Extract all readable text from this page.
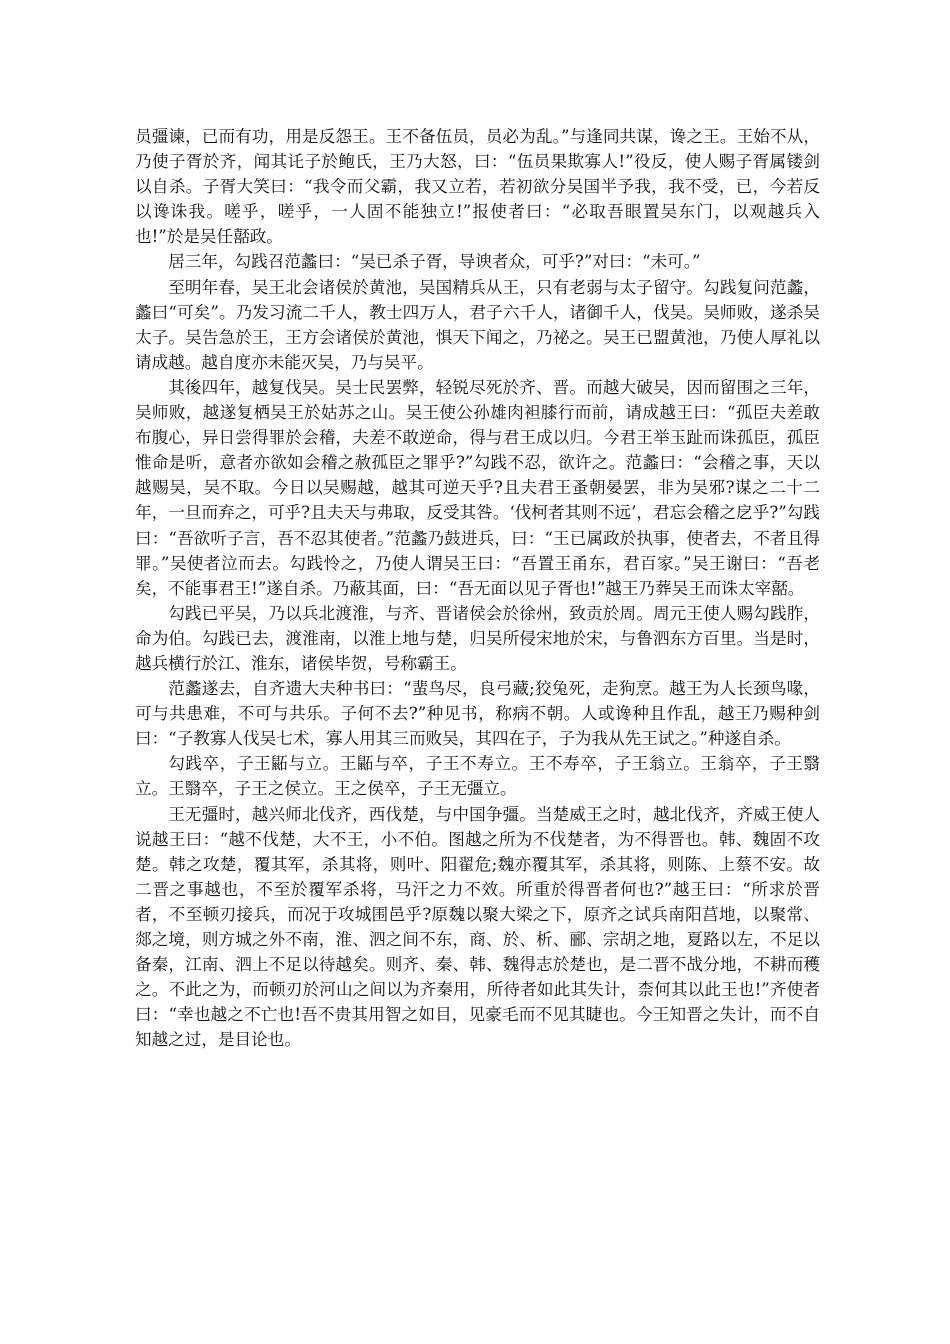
员彊谏，已而有功，用是反怨王。王不备伍员，员必为乱。”与逢同共谋，谗之王。王始不从，乃使子胥於齐，闻其讬子於鲍氏，王乃大怒，曰：“伍员果欺寡人!”役反，使人赐子胥属镂剑以自杀。子胥大笑曰：“我令而父霸，我又立若，若初欲分吴国半予我，我不受，已，今若反以谗诛我。嗟乎，嗟乎，一人固不能独立!”报使者曰：“必取吾眼置吴东门，以观越兵入也!”於是吴任嚭政。

居三年，勾践召范蠡曰：“吴已杀子胥，导谀者众，可乎?”对曰：“未可。”

至明年春，吴王北会诸侯於黄池，吴国精兵从王，只有老弱与太子留守。勾践复问范蠡，蠡曰“可矣”。乃发习流二千人，教士四万人，君子六千人，诸御千人，伐吴。吴师败，遂杀吴太子。吴告急於王，王方会诸侯於黄池，惧天下闻之，乃祕之。吴王已盟黄池，乃使人厚礼以请成越。越自度亦未能灭吴，乃与吴平。

其後四年，越复伐吴。吴士民罢弊，轻锐尽死於齐、晋。而越大破吴，因而留围之三年，吴师败，越遂复栖吴王於姑苏之山。吴王使公孙雄肉袒膝行而前，请成越王曰：“孤臣夫差敢布腹心，异日尝得罪於会稽，夫差不敢逆命，得与君王成以归。今君王举玉趾而诛孤臣，孤臣惟命是听，意者亦欲如会稽之赦孤臣之罪乎?”勾践不忍，欲许之。范蠡曰：“会稽之事，天以越赐吴，吴不取。今日以吴赐越，越其可逆天乎?且夫君王蚤朝晏罢，非为吴邪?谋之二十二年，一旦而弃之，可乎?且夫天与弗取，反受其咎。‘伐柯者其则不远’，君忘会稽之戹乎?”勾践曰：“吾欲听子言，吾不忍其使者。”范蠡乃鼓进兵，曰：“王已属政於执事，使者去，不者且得罪。”吴使者泣而去。勾践怜之，乃使人谓吴王曰：“吾置王甬东，君百家。”吴王谢曰：“吾老矣，不能事君王!”遂自杀。乃蔽其面，曰：“吾无面以见子胥也!”越王乃葬吴王而诛太宰嚭。

勾践已平吴，乃以兵北渡淮，与齐、晋诸侯会於徐州，致贡於周。周元王使人赐勾践胙，命为伯。勾践已去，渡淮南，以淮上地与楚，归吴所侵宋地於宋，与鲁泗东方百里。当是时，越兵横行於江、淮东，诸侯毕贺，号称霸王。

范蠡遂去，自齐遗大夫种书曰：“蜚鸟尽，良弓藏;狡兔死，走狗烹。越王为人长颈鸟喙，可与共患难，不可与共乐。子何不去?”种见书，称病不朝。人或谗种且作乱，越王乃赐种剑曰：“子教寡人伐吴七术，寡人用其三而败吴，其四在子，子为我从先王试之。”种遂自杀。

勾践卒，子王鼫与立。王鼫与卒，子王不寿立。王不寿卒，子王翁立。王翁卒，子王翳立。王翳卒，子王之侯立。王之侯卒，子王无彊立。

王无彊时，越兴师北伐齐，西伐楚，与中国争彊。当楚威王之时，越北伐齐，齐威王使人说越王曰：“越不伐楚，大不王，小不伯。图越之所为不伐楚者，为不得晋也。韩、魏固不攻楚。韩之攻楚，覆其军，杀其将，则叶、阳翟危;魏亦覆其军，杀其将，则陈、上蔡不安。故二晋之事越也，不至於覆军杀将，马汗之力不效。所重於得晋者何也?”越王曰：“所求於晋者，不至顿刃接兵，而况于攻城围邑乎?原魏以聚大梁之下，原齐之试兵南阳莒地，以聚常、郯之境，则方城之外不南，淮、泗之间不东，商、於、析、郦、宗胡之地，夏路以左，不足以备秦，江南、泗上不足以待越矣。则齐、秦、韩、魏得志於楚也，是二晋不战分地，不耕而穫之。不此之为，而顿刃於河山之间以为齐秦用，所待者如此其失计，柰何其以此王也!”齐使者曰：“幸也越之不亡也!吾不贵其用智之如目，见豪毛而不见其睫也。今王知晋之失计，而不自知越之过，是目论也。
